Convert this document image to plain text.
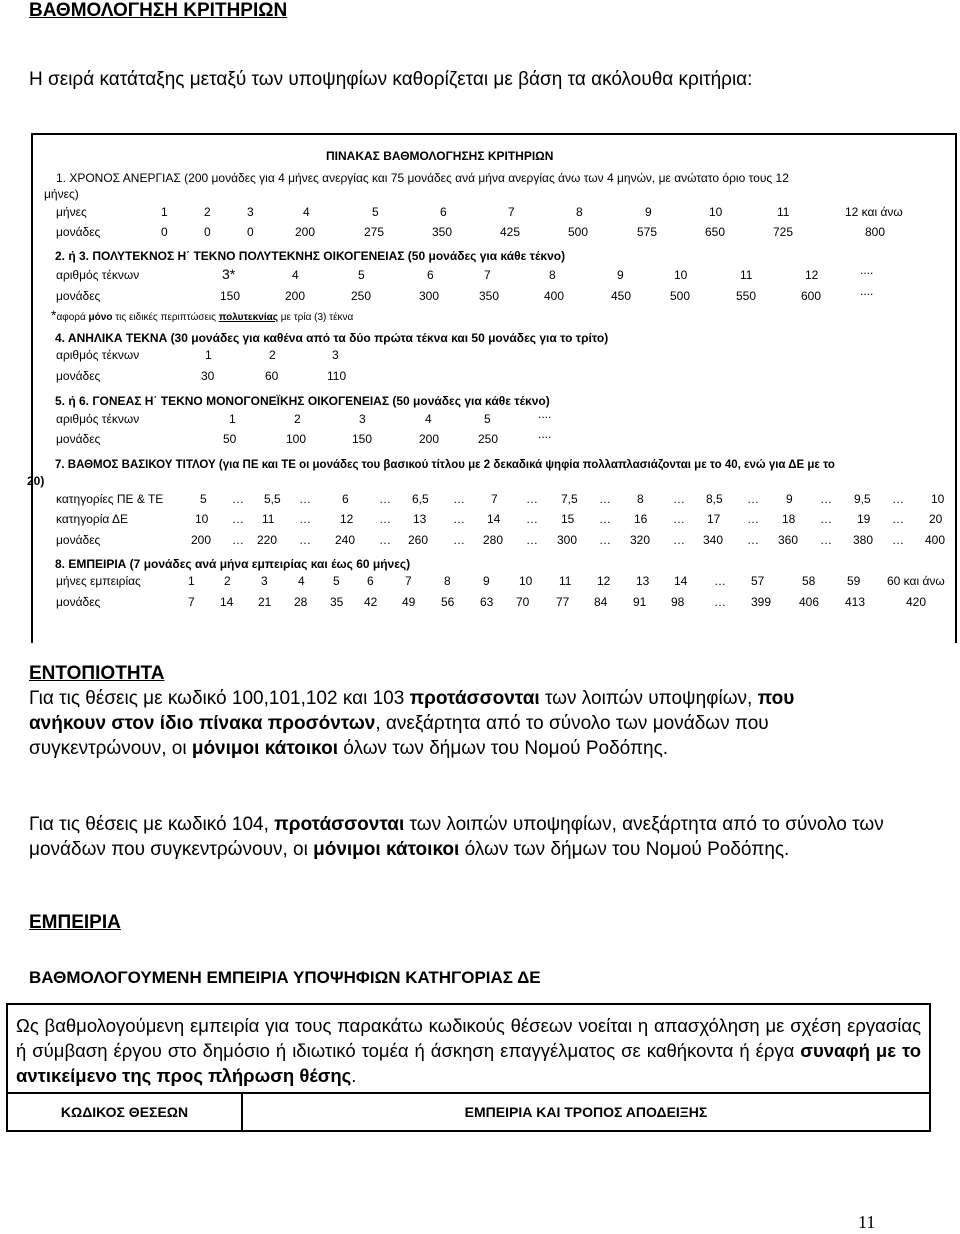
ΒΑΘΜΟΛΟΓΗΣΗ ΚΡΙΤΗΡΙΩΝ
Η σειρά κατάταξης μεταξύ των υποψηφίων καθορίζεται με βάση τα ακόλουθα κριτήρια:
ΠΙΝΑΚΑΣ ΒΑΘΜΟΛΟΓΗΣΗΣ ΚΡΙΤΗΡΙΩΝ
1. ΧΡΟΝΟΣ ΑΝΕΡΓΙΑΣ (200 μονάδες για 4 μήνες ανεργίας και 75 μονάδες ανά μήνα ανεργίας άνω των 4 μηνών, με ανώτατο όριο τους 12
μήνες)
μήνες	1	2	3	4	5	6	7	8	9	10	11	12 και άνω
μονάδες	0	0	0	200	275	350	425	500	575	650	725	800
2. ή 3. ΠΟΛΥΤΕΚΝΟΣ Η΄ ΤΕΚΝΟ ΠΟΛΥΤΕΚΝΗΣ ΟΙΚΟΓΕΝΕΙΑΣ (50 μονάδες για κάθε τέκνο)
αριθμός τέκνων	3*	4	5	6	7	8	9	10	11	12	....
μονάδες	150	200	250	300	350	400	450	500	550	600	....
*αφορά μόνο τις ειδικές περιπτώσεις πολυτεκνίας με τρία (3) τέκνα
4. ΑΝΗΛΙΚΑ ΤΕΚΝΑ (30 μονάδες για καθένα από τα δύο πρώτα τέκνα και 50 μονάδες για το τρίτο)
αριθμός τέκνων	1	2	3
μονάδες	30	60	110
5. ή 6. ΓΟΝΕΑΣ Η΄ ΤΕΚΝΟ ΜΟΝΟΓΟΝΕΪΚΗΣ ΟΙΚΟΓΕΝΕΙΑΣ (50 μονάδες για κάθε τέκνο)
αριθμός τέκνων	1	2	3	4	5	....
μονάδες	50	100	150	200	250	....
7. ΒΑΘΜΟΣ ΒΑΣΙΚΟΥ ΤΙΤΛΟΥ (για ΠΕ και ΤΕ οι μονάδες του βασικού τίτλου με 2 δεκαδικά ψηφία πολλαπλασιάζονται με το 40, ενώ για ΔΕ με το
20)
κατηγορίες ΠΕ & ΤΕ	5 … 5,5 …	6	… 6,5 … 7 … 7,5 … 8 … 8,5 … 9 … 9,5 … 10
κατηγορία ΔΕ	10 … 11 … 12 … 13 … 14 … 15 … 16 … 17 … 18 … 19 … 20
μονάδες	200 … 220 … 240 … 260 … 280 … 300 … 320 … 340 … 360 … 380 … 400
8. ΕΜΠΕΙΡΙΑ (7 μονάδες ανά μήνα εμπειρίας και έως 60 μήνες)
μήνες εμπειρίας	1 2	3	4 5 6	7	8	9 10 11 12 13 14 … 57	58	59 60 και άνω
μονάδες	7 14 21 28 35 42 49 56 63 70 77 84 91 98 … 399 406 413	420
ΕΝΤΟΠΙΟΤΗΤΑ
Για τις θέσεις με κωδικό 100,101,102 και 103 προτάσσονται των λοιπών υποψηφίων, που ανήκουν στον ίδιο πίνακα προσόντων, ανεξάρτητα από το σύνολο των μονάδων που συγκεντρώνουν, οι μόνιμοι κάτοικοι όλων των δήμων του Νομού Ροδόπης.
Για τις θέσεις με κωδικό 104, προτάσσονται των λοιπών υποψηφίων, ανεξάρτητα από το σύνολο των μονάδων που συγκεντρώνουν, οι μόνιμοι κάτοικοι όλων των δήμων του Νομού Ροδόπης.
ΕΜΠΕΙΡΙΑ
ΒΑΘΜΟΛΟΓΟΥΜΕΝΗ ΕΜΠΕΙΡΙΑ ΥΠΟΨΗΦΙΩΝ ΚΑΤΗΓΟΡΙΑΣ ΔΕ
Ως βαθμολογούμενη εμπειρία για τους παρακάτω κωδικούς θέσεων νοείται η απασχόληση με σχέση εργασίας ή σύμβαση έργου στο δημόσιο ή ιδιωτικό τομέα ή άσκηση επαγγέλματος σε καθήκοντα ή έργα συναφή με το αντικείμενο της προς πλήρωση θέσης.
ΚΩΔΙΚΟΣ ΘΕΣΕΩΝ	ΕΜΠΕΙΡΙΑ ΚΑΙ ΤΡΟΠΟΣ ΑΠΟΔΕΙΞΗΣ
11
